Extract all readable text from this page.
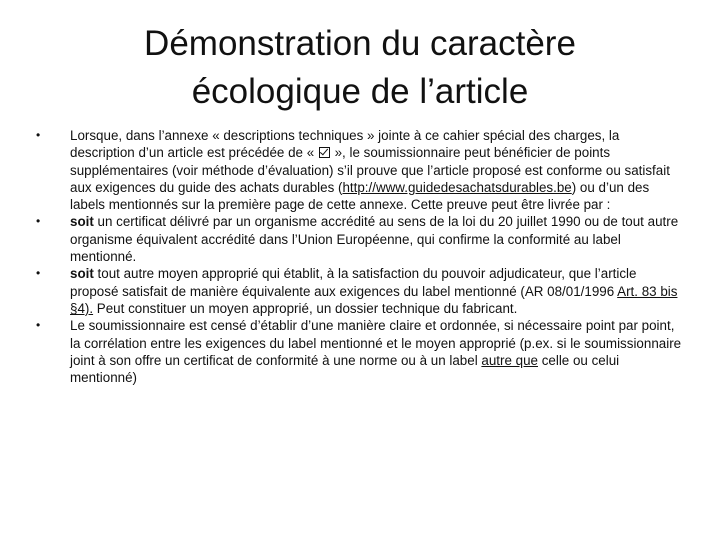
Démonstration du caractère
écologique de l’article
• Lorsque, dans l’annexe « descriptions techniques » jointe à ce cahier spécial des charges, la description d’un article est précédée de «  », le soumissionnaire peut bénéficier de points supplémentaires (voir méthode d’évaluation) s’il prouve que l’article proposé est conforme ou satisfait aux exigences du guide des achats durables (http://www.guidedesachatsdurables.be) ou d’un des labels mentionnés sur la première page de cette annexe. Cette preuve peut être livrée par :
• soit un certificat délivré par un organisme accrédité au sens de la loi du 20 juillet 1990 ou de tout autre organisme équivalent accrédité dans l’Union Européenne, qui confirme la conformité au label mentionné.
• soit tout autre moyen approprié qui établit, à la satisfaction du pouvoir adjudicateur, que l’article proposé satisfait de manière équivalente aux exigences du label mentionné (AR 08/01/1996 Art. 83 bis §4). Peut constituer un moyen approprié, un dossier technique du fabricant.
• Le soumissionnaire est censé d’établir d’une manière claire et ordonnée, si nécessaire point par point, la corrélation entre les exigences du label mentionné et le moyen approprié (p.ex. si le soumissionnaire joint à son offre un certificat de conformité à une norme ou à un label autre que celle ou celui mentionné)
